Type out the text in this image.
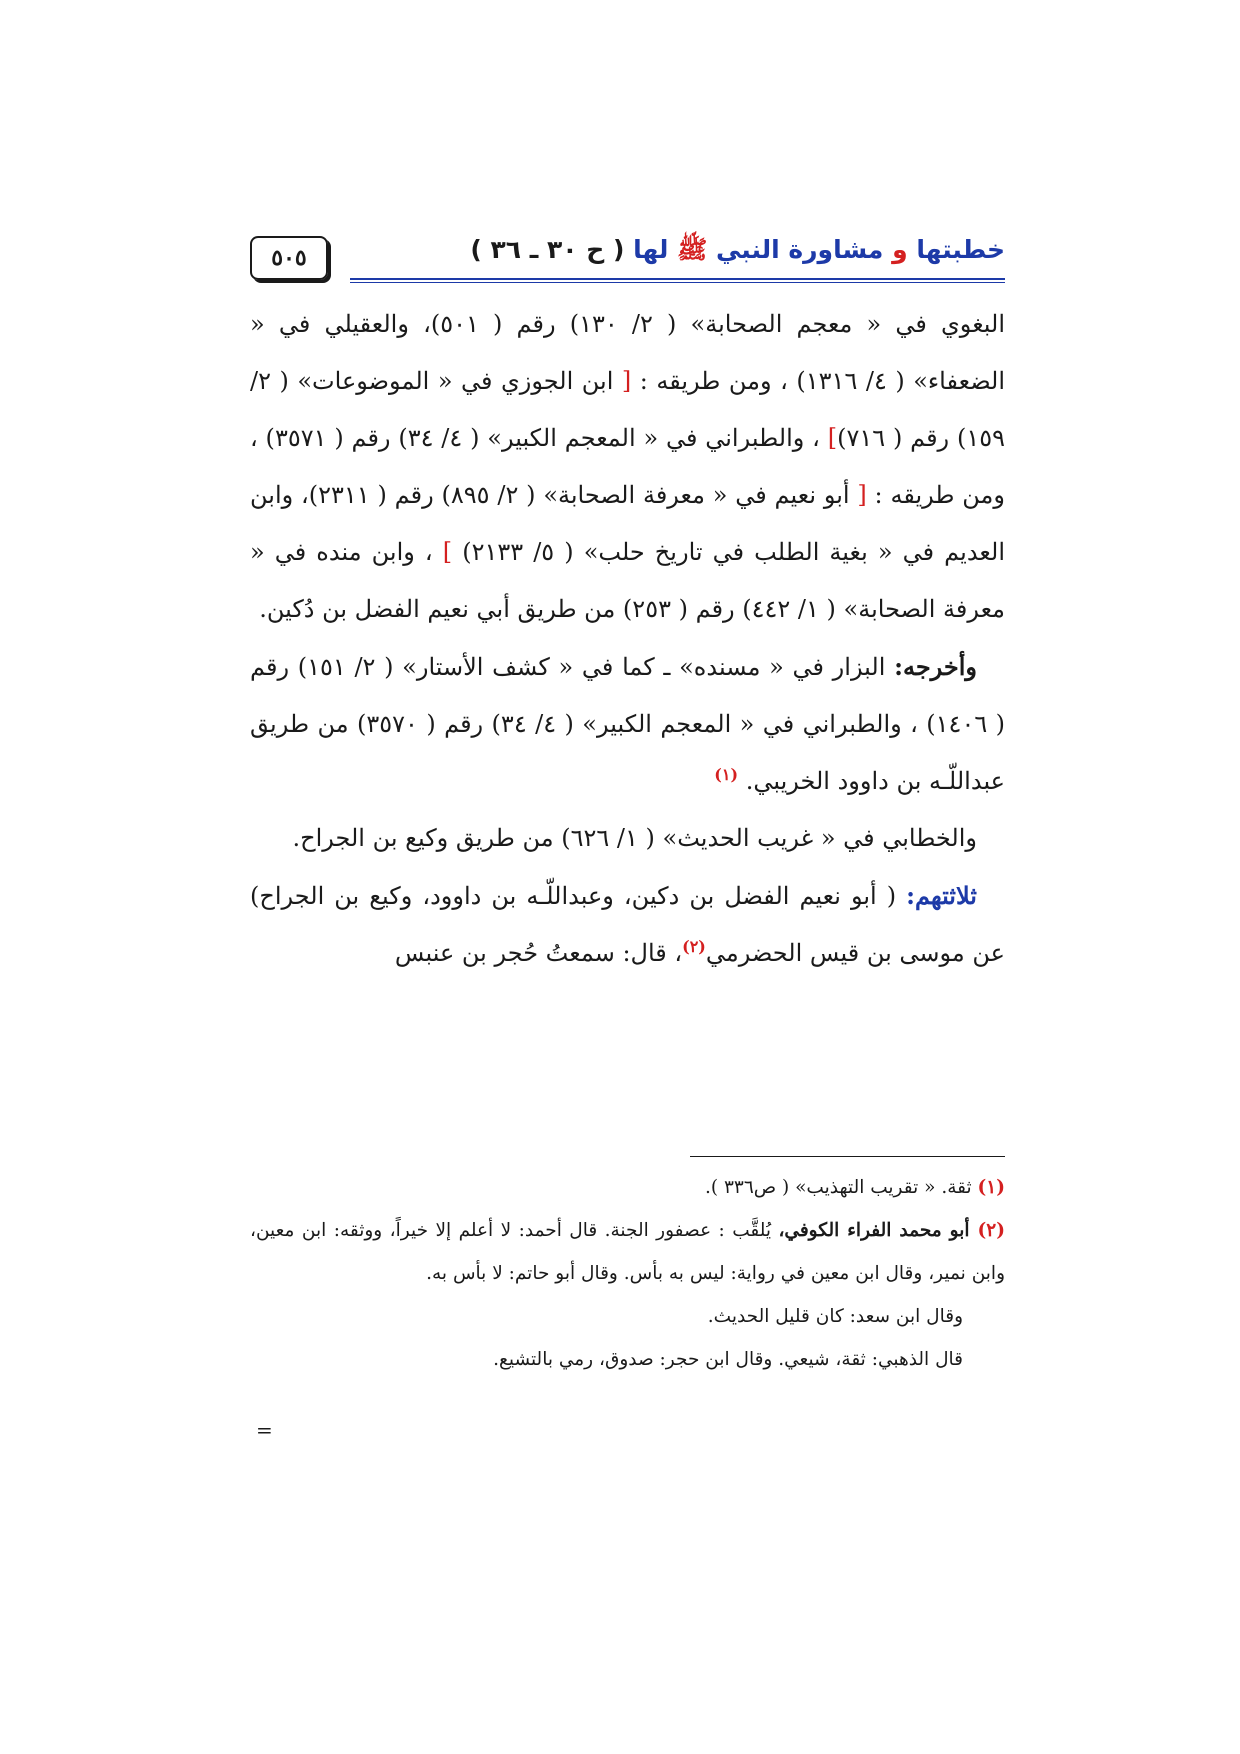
٥٠٥	خطبتها و مشاورة النبي ﷺ لها ( ح ٣٠ ـ ٣٦ )

البغوي في « معجم الصحابة» ( ٢/ ١٣٠) رقم ( ٥٠١)، والعقيلي في « الضعفاء» ( ٤/ ١٣١٦) ، ومن طريقه : [ ابن الجوزي في « الموضوعات» ( ٢/ ١٥٩) رقم ( ٧١٦)] ، والطبراني في « المعجم الكبير» ( ٤/ ٣٤) رقم ( ٣٥٧١) ، ومن طريقه : [ أبو نعيم في « معرفة الصحابة» ( ٢/ ٨٩٥) رقم ( ٢٣١١)، وابن العديم في « بغية الطلب في تاريخ حلب» ( ٥/ ٢١٣٣) ] ، وابن منده في « معرفة الصحابة» ( ١/ ٤٤٢) رقم ( ٢٥٣) من طريق أبي نعيم الفضل بن دُكين.

وأخرجه: البزار في « مسنده» ـ كما في « كشف الأستار» ( ٢/ ١٥١) رقم ( ١٤٠٦) ، والطبراني في « المعجم الكبير» ( ٤/ ٣٤) رقم ( ٣٥٧٠) من طريق عبداللّـه بن داوود الخريبي. $^{(١)}$

والخطابي في « غريب الحديث» ( ١/ ٦٢٦) من طريق وكيع بن الجراح.

ثلاثتهم: ( أبو نعيم الفضل بن دكين، وعبداللّـه بن داوود، وكيع بن الجراح) عن موسى بن قيس الحضرمي$^{(٢)}$، قال: سمعتُ حُجر بن عنبس

(١) ثقة. « تقريب التهذيب» ( ص٣٣٦ ).

(٢) أبو محمد الفراء الكوفي، يُلقَّب : عصفور الجنة. قال أحمد: لا أعلم إلا خيراً، ووثقه: ابن معين، وابن نمير، وقال ابن معين في رواية: ليس به بأس. وقال أبو حاتم: لا بأس به.

وقال ابن سعد: كان قليل الحديث.

قال الذهبي: ثقة، شيعي. وقال ابن حجر: صدوق، رمي بالتشيع.

=
